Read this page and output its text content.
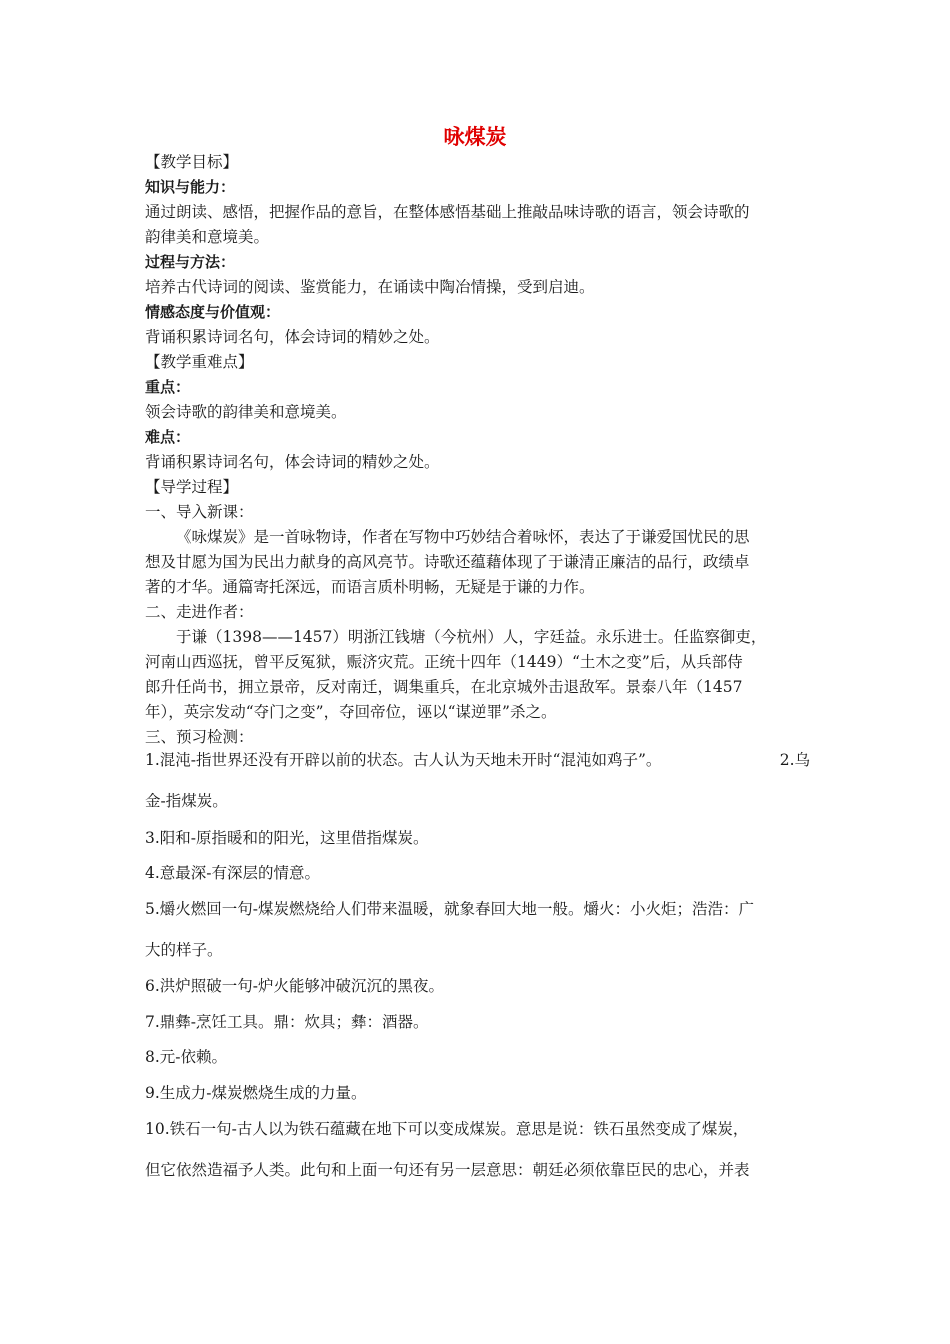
咏煤炭
【教学目标】
知识与能力：
通过朗读、感悟，把握作品的意旨，在整体感悟基础上推敲品味诗歌的语言，领会诗歌的
韵律美和意境美。
过程与方法：
培养古代诗词的阅读、鉴赏能力，在诵读中陶冶情操，受到启迪。
情感态度与价值观：
背诵积累诗词名句，体会诗词的精妙之处。
【教学重难点】
重点：
领会诗歌的韵律美和意境美。
难点：
背诵积累诗词名句，体会诗词的精妙之处。
【导学过程】
一、导入新课：
《咏煤炭》是一首咏物诗，作者在写物中巧妙结合着咏怀，表达了于谦爱国忧民的思
想及甘愿为国为民出力献身的高风亮节。诗歌还蕴藉体现了于谦清正廉洁的品行，政绩卓
著的才华。通篇寄托深远，而语言质朴明畅，无疑是于谦的力作。
二、走进作者：
于谦（1398——1457）明浙江钱塘（今杭州）人，字廷益。永乐进士。任监察御吏，
河南山西巡抚，曾平反冤狱，赈济灾荒。正统十四年（1449）“土木之变”后，从兵部侍
郎升任尚书，拥立景帝，反对南迁，调集重兵，在北京城外击退敌军。景泰八年（1457
年），英宗发动“夺门之变”，夺回帝位，诬以“谋逆罪”杀之。
三、预习检测：
1.混沌-指世界还没有开辟以前的状态。古人认为天地未开时“混沌如鸡子”。	2.乌
金-指煤炭。
3.阳和-原指暖和的阳光，这里借指煤炭。
4.意最深-有深层的情意。
5.爝火燃回一句-煤炭燃烧给人们带来温暖，就象春回大地一般。爝火：小火炬；浩浩：广
大的样子。
6.洪炉照破一句-炉火能够冲破沉沉的黑夜。
7.鼎彝-烹饪工具。鼎：炊具；彝：酒器。
8.元-依赖。
9.生成力-煤炭燃烧生成的力量。
10.铁石一句-古人以为铁石蕴藏在地下可以变成煤炭。意思是说：铁石虽然变成了煤炭，
但它依然造福予人类。此句和上面一句还有另一层意思：朝廷必须依靠臣民的忠心，并表
